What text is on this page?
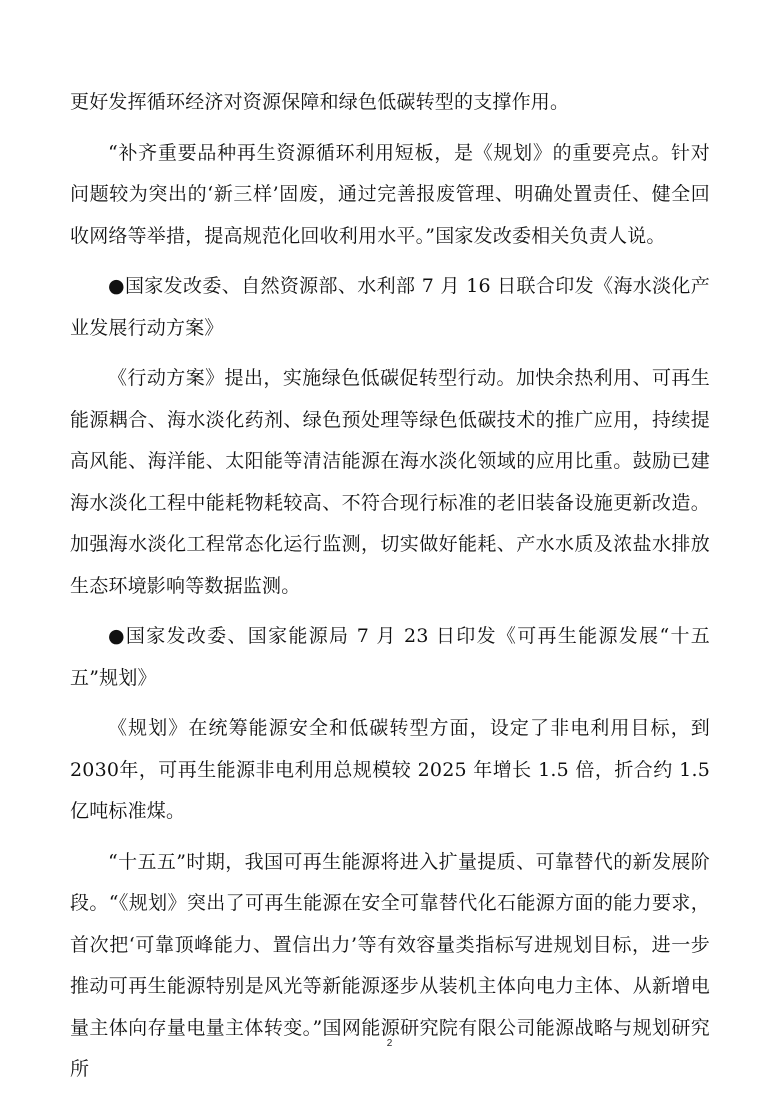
更好发挥循环经济对资源保障和绿色低碳转型的支撑作用。

“补齐重要品种再生资源循环利用短板，是《规划》的重要亮点。针对问题较为突出的‘新三样’固废，通过完善报废管理、明确处置责任、健全回收网络等举措，提高规范化回收利用水平。”国家发改委相关负责人说。

●国家发改委、自然资源部、水利部 7 月 16 日联合印发《海水淡化产业发展行动方案》

《行动方案》提出，实施绿色低碳促转型行动。加快余热利用、可再生能源耦合、海水淡化药剂、绿色预处理等绿色低碳技术的推广应用，持续提高风能、海洋能、太阳能等清洁能源在海水淡化领域的应用比重。鼓励已建海水淡化工程中能耗物耗较高、不符合现行标准的老旧装备设施更新改造。加强海水淡化工程常态化运行监测，切实做好能耗、产水水质及浓盐水排放生态环境影响等数据监测。

●国家发改委、国家能源局 7 月 23 日印发《可再生能源发展“十五五”规划》

《规划》在统筹能源安全和低碳转型方面，设定了非电利用目标，到 2030年，可再生能源非电利用总规模较 2025 年增长 1.5 倍，折合约 1.5 亿吨标准煤。

“十五五”时期，我国可再生能源将进入扩量提质、可靠替代的新发展阶段。“《规划》突出了可再生能源在安全可靠替代化石能源方面的能力要求，首次把‘可靠顶峰能力、置信出力’等有效容量类指标写进规划目标，进一步推动可再生能源特别是风光等新能源逐步从装机主体向电力主体、从新增电量主体向存量电量主体转变。”国网能源研究院有限公司能源战略与规划研究所

2
